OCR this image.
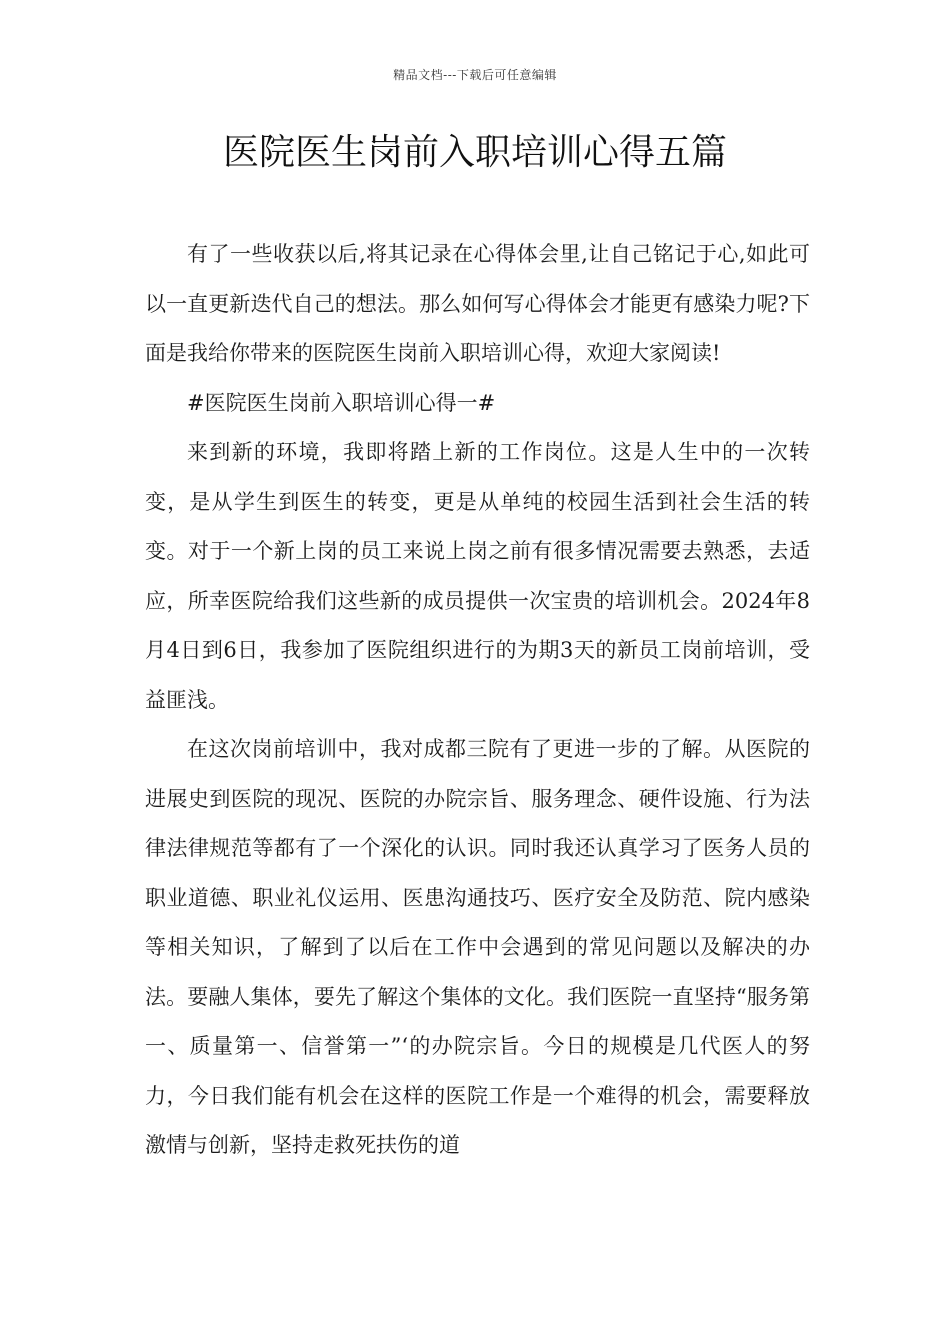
精品文档---下载后可任意编辑
医院医生岗前入职培训心得五篇

有了一些收获以后,将其记录在心得体会里,让自己铭记于心,如此可以一直更新迭代自己的想法。那么如何写心得体会才能更有感染力呢?下面是我给你带来的医院医生岗前入职培训心得，欢迎大家阅读!

#医院医生岗前入职培训心得一#

来到新的环境，我即将踏上新的工作岗位。这是人生中的一次转变，是从学生到医生的转变，更是从单纯的校园生活到社会生活的转变。对于一个新上岗的员工来说上岗之前有很多情况需要去熟悉，去适应，所幸医院给我们这些新的成员提供一次宝贵的培训机会。2024年8月4日到6日，我参加了医院组织进行的为期3天的新员工岗前培训，受益匪浅。

在这次岗前培训中，我对成都三院有了更进一步的了解。从医院的进展史到医院的现况、医院的办院宗旨、服务理念、硬件设施、行为法律法律规范等都有了一个深化的认识。同时我还认真学习了医务人员的职业道德、职业礼仪运用、医患沟通技巧、医疗安全及防范、院内感染等相关知识，了解到了以后在工作中会遇到的常见问题以及解决的办法。要融人集体，要先了解这个集体的文化。我们医院一直坚持“服务第一、质量第一、信誉第一”‘的办院宗旨。今日的规模是几代医人的努力，今日我们能有机会在这样的医院工作是一个难得的机会，需要释放激情与创新，坚持走救死扶伤的道
